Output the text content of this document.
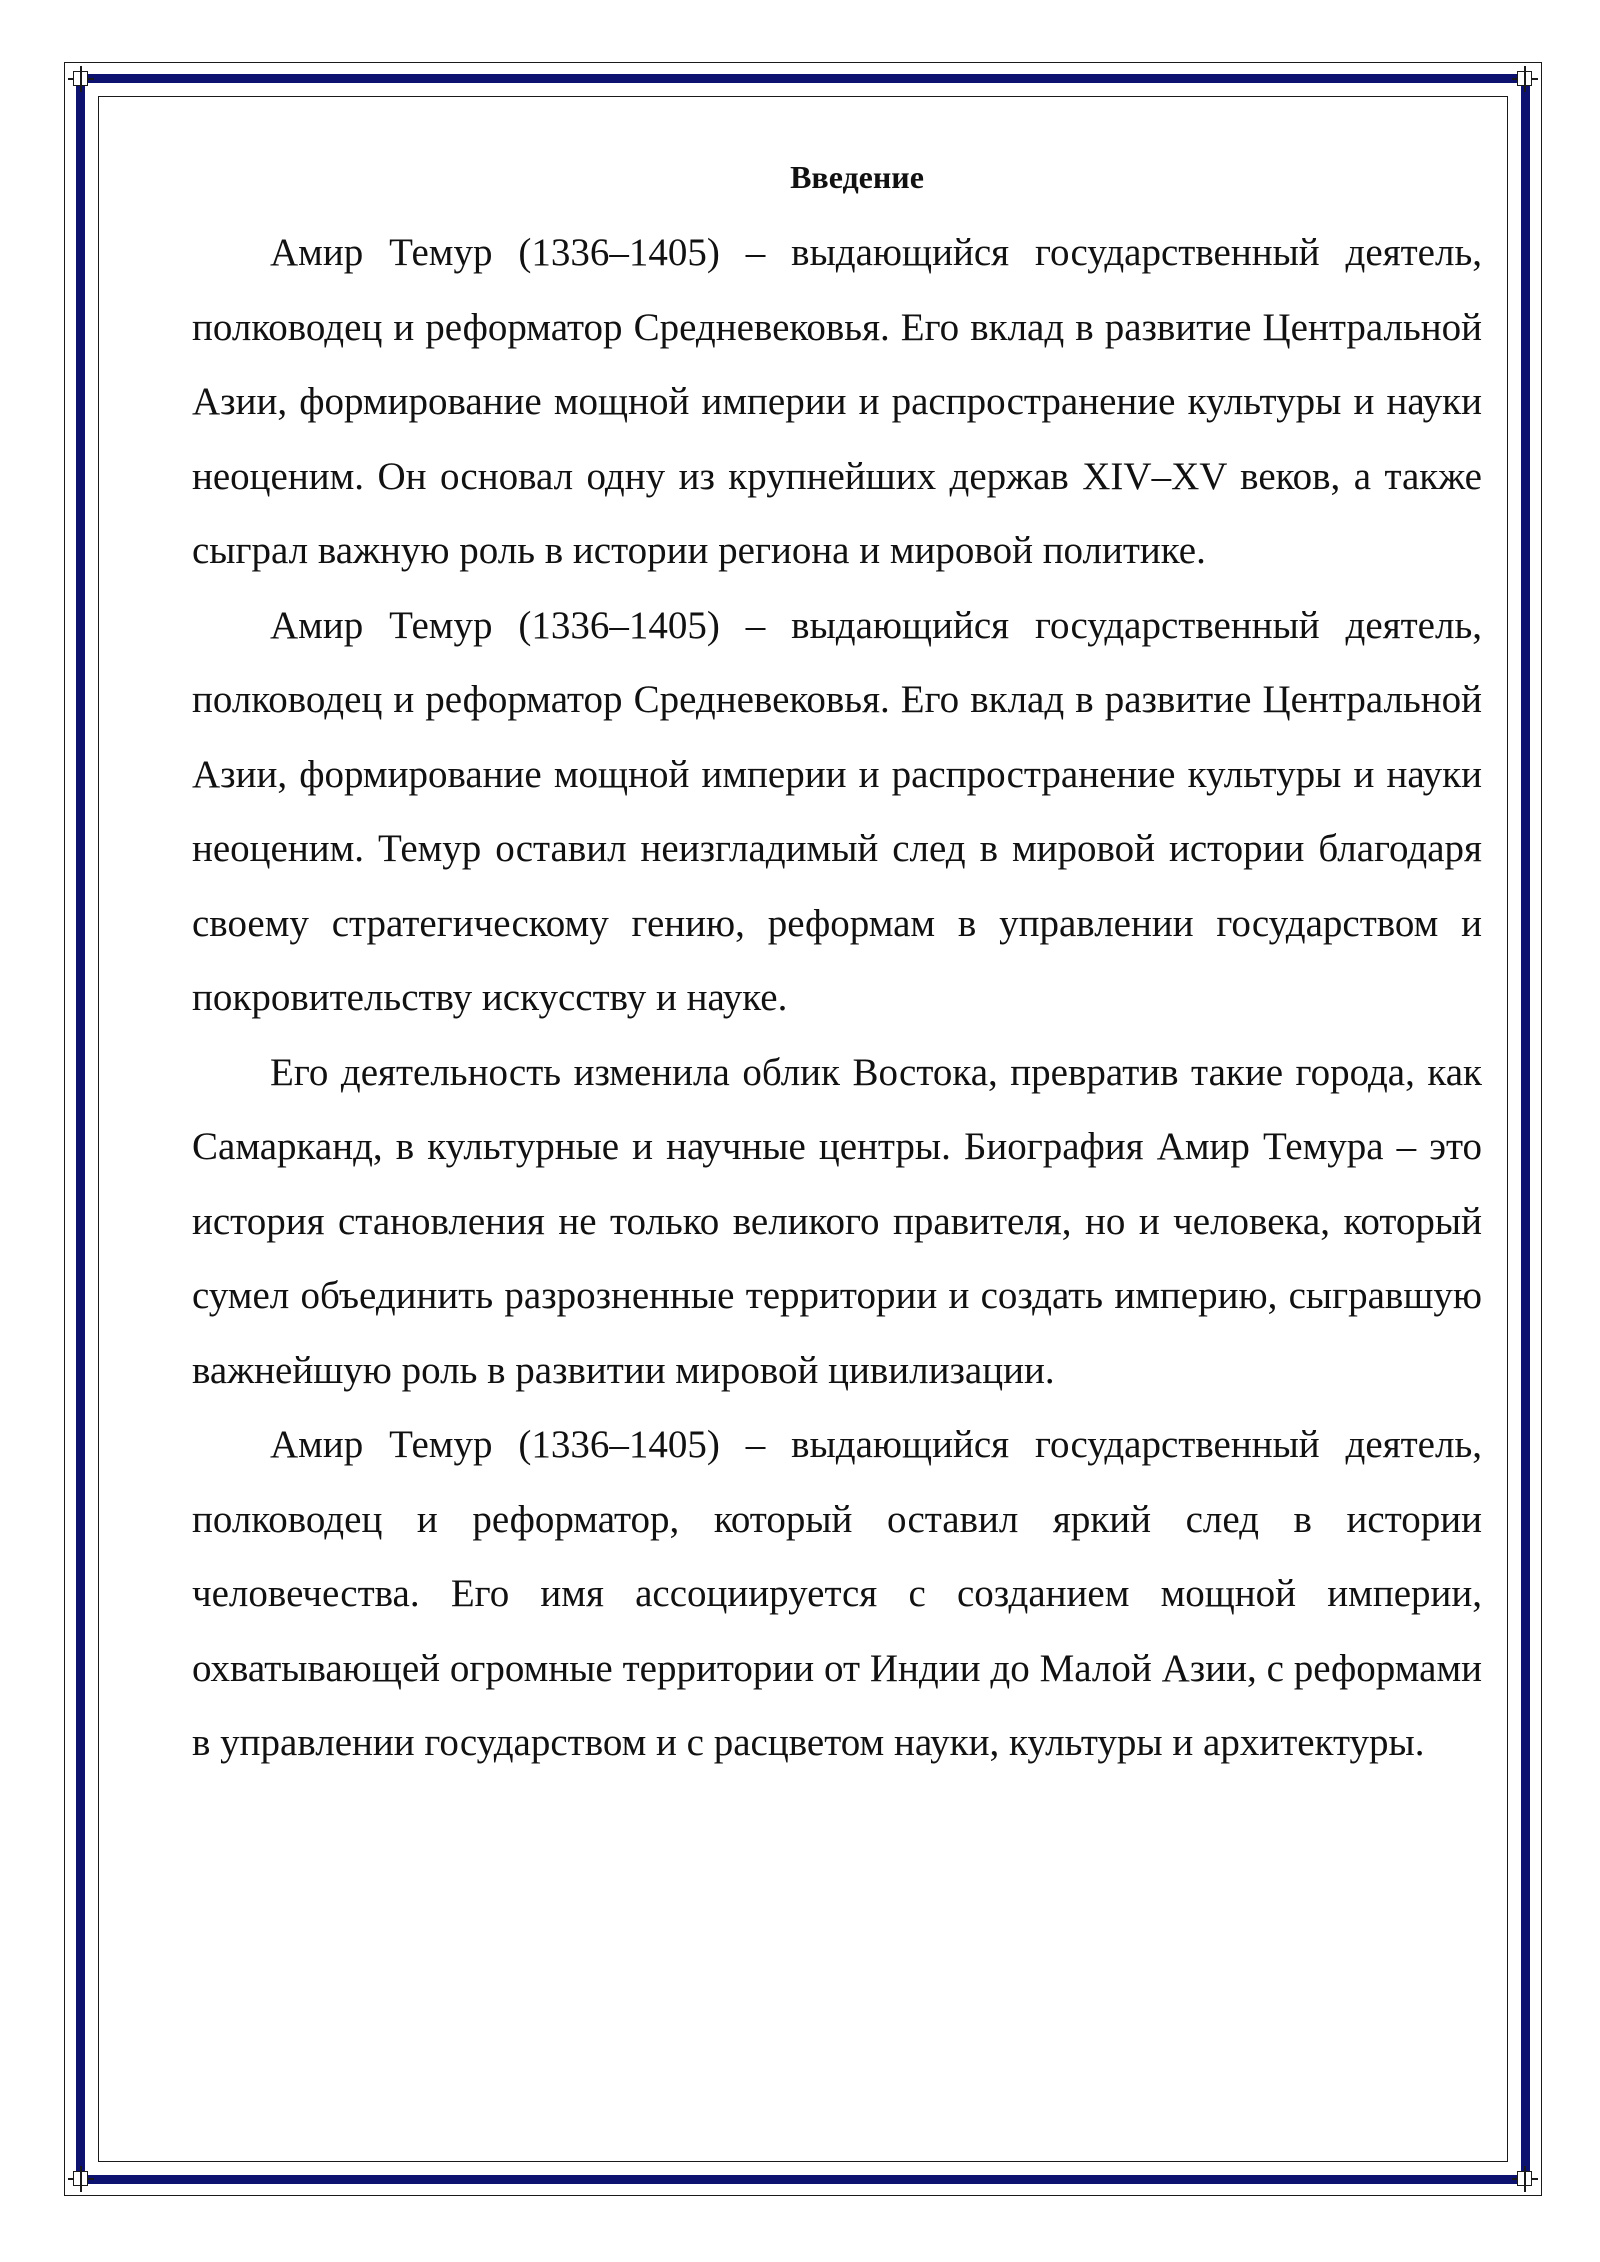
Введение

Амир Темур (1336–1405) – выдающийся государственный деятель, полководец и реформатор Средневековья. Его вклад в развитие Центральной Азии, формирование мощной империи и распространение культуры и науки неоценим. Он основал одну из крупнейших держав XIV–XV веков, а также сыграл важную роль в истории региона и мировой политике.

Амир Темур (1336–1405) – выдающийся государственный деятель, полководец и реформатор Средневековья. Его вклад в развитие Центральной Азии, формирование мощной империи и распространение культуры и науки неоценим. Темур оставил неизгладимый след в мировой истории благодаря своему стратегическому гению, реформам в управлении государством и покровительству искусству и науке.

Его деятельность изменила облик Востока, превратив такие города, как Самарканд, в культурные и научные центры. Биография Амир Темура – это история становления не только великого правителя, но и человека, который сумел объединить разрозненные территории и создать империю, сыгравшую важнейшую роль в развитии мировой цивилизации.

Амир Темур (1336–1405) – выдающийся государственный деятель, полководец и реформатор, который оставил яркий след в истории человечества. Его имя ассоциируется с созданием мощной империи, охватывающей огромные территории от Индии до Малой Азии, с реформами в управлении государством и с расцветом науки, культуры и архитектуры.
